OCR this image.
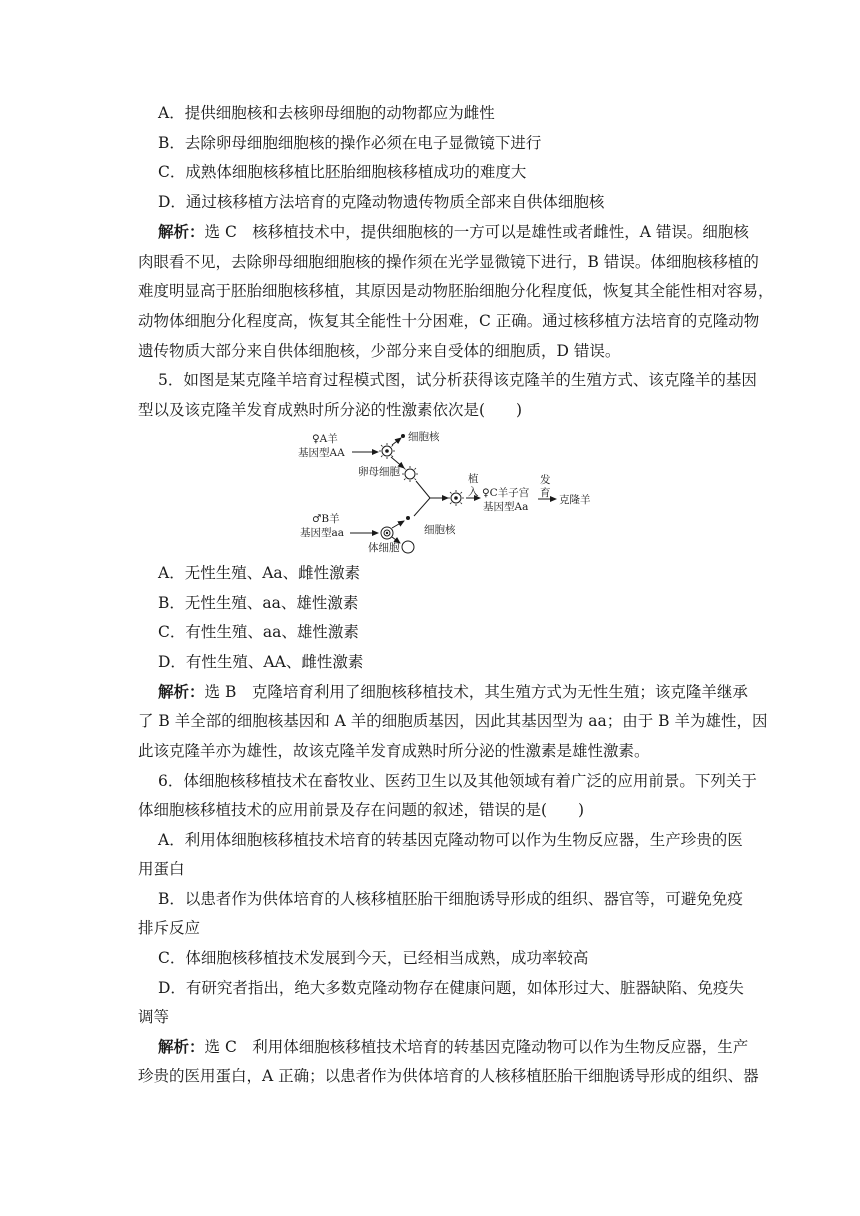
A．提供细胞核和去核卵母细胞的动物都应为雌性
B．去除卵母细胞细胞核的操作必须在电子显微镜下进行
C．成熟体细胞核移植比胚胎细胞核移植成功的难度大
D．通过核移植方法培育的克隆动物遗传物质全部来自供体细胞核
解析：选 C　核移植技术中，提供细胞核的一方可以是雄性或者雌性，A 错误。细胞核
肉眼看不见，去除卵母细胞细胞核的操作须在光学显微镜下进行，B 错误。体细胞核移植的
难度明显高于胚胎细胞核移植，其原因是动物胚胎细胞分化程度低，恢复其全能性相对容易，
动物体细胞分化程度高，恢复其全能性十分困难，C 正确。通过核移植方法培育的克隆动物
遗传物质大部分来自供体细胞核，少部分来自受体的细胞质，D 错误。
5．如图是某克隆羊培育过程模式图，试分析获得该克隆羊的生殖方式、该克隆羊的基因
型以及该克隆羊发育成熟时所分泌的性激素依次是(　　)
♀A羊
基因型AA
细胞核
卵母细胞
植
入 ♀C羊子宫
基因型Aa
发
育
克隆羊
♂B羊
基因型aa	细胞核
体细胞
A．无性生殖、Aa、雌性激素
B．无性生殖、aa、雄性激素
C．有性生殖、aa、雄性激素
D．有性生殖、AA、雌性激素
解析：选 B　克隆培育利用了细胞核移植技术，其生殖方式为无性生殖；该克隆羊继承
了 B 羊全部的细胞核基因和 A 羊的细胞质基因，因此其基因型为 aa；由于 B 羊为雄性，因
此该克隆羊亦为雄性，故该克隆羊发育成熟时所分泌的性激素是雄性激素。
6．体细胞核移植技术在畜牧业、医药卫生以及其他领域有着广泛的应用前景。下列关于
体细胞核移植技术的应用前景及存在问题的叙述，错误的是(　　)
A．利用体细胞核移植技术培育的转基因克隆动物可以作为生物反应器，生产珍贵的医
用蛋白
B．以患者作为供体培育的人核移植胚胎干细胞诱导形成的组织、器官等，可避免免疫
排斥反应
C．体细胞核移植技术发展到今天，已经相当成熟，成功率较高
D．有研究者指出，绝大多数克隆动物存在健康问题，如体形过大、脏器缺陷、免疫失
调等
解析：选 C　利用体细胞核移植技术培育的转基因克隆动物可以作为生物反应器，生产
珍贵的医用蛋白，A 正确；以患者作为供体培育的人核移植胚胎干细胞诱导形成的组织、器
